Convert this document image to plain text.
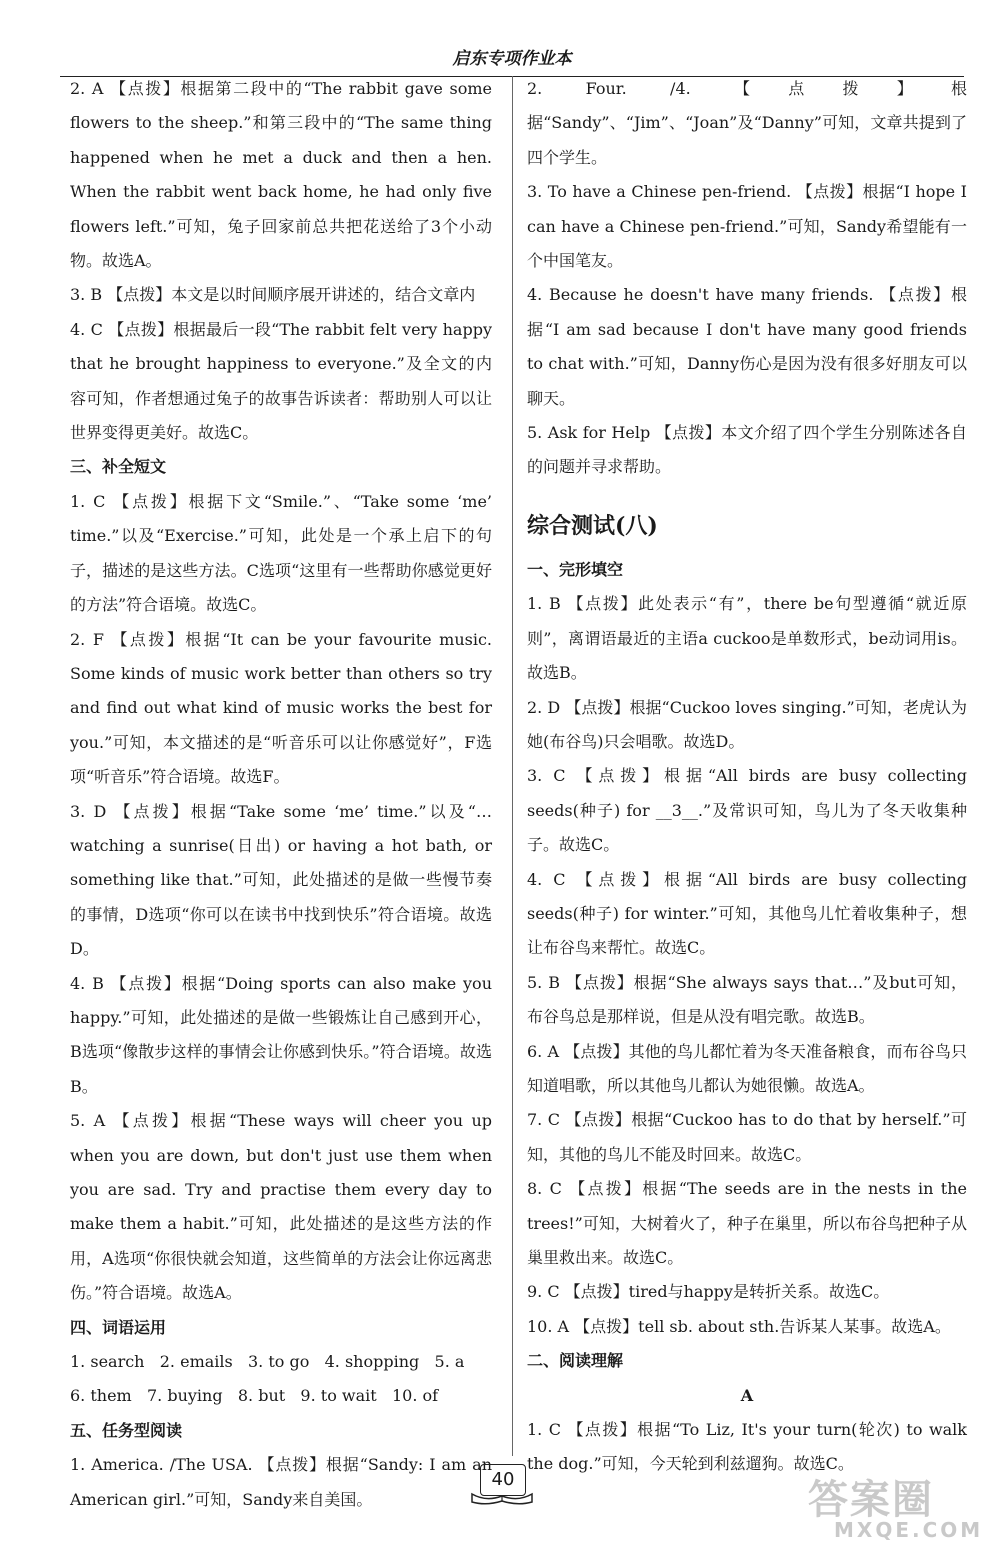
启东专项作业本

2. A 【点拨】根据第二段中的“The rabbit gave some flowers to the sheep.”和第三段中的“The same thing happened when he met a duck and then a hen. When the rabbit went back home, he had only five flowers left.”可知，兔子回家前总共把花送给了3个小动物。故选A。

3. B 【点拨】本文是以时间顺序展开讲述的，结合文章内

4. C 【点拨】根据最后一段“The rabbit felt very happy that he brought happiness to everyone.”及全文的内容可知，作者想通过兔子的故事告诉读者：帮助别人可以让世界变得更美好。故选C。

三、补全短文

1. C 【点拨】根据下文“Smile.”、“Take some ‘me’ time.”以及“Exercise.”可知，此处是一个承上启下的句子，描述的是这些方法。C选项“这里有一些帮助你感觉更好的方法”符合语境。故选C。

2. F 【点拨】根据“It can be your favourite music. Some kinds of music work better than others so try and find out what kind of music works the best for you.”可知，本文描述的是“听音乐可以让你感觉好”，F选项“听音乐”符合语境。故选F。

3. D 【点拨】根据“Take some ‘me’ time.”以及“… watching a sunrise(日出) or having a hot bath, or something like that.”可知，此处描述的是做一些慢节奏的事情，D选项“你可以在读书中找到快乐”符合语境。故选D。

4. B 【点拨】根据“Doing sports can also make you happy.”可知，此处描述的是做一些锻炼让自己感到开心，B选项“像散步这样的事情会让你感到快乐。”符合语境。故选B。

5. A 【点拨】根据“These ways will cheer you up when you are down, but don't just use them when you are sad. Try and practise them every day to make them a habit.”可知，此处描述的是这些方法的作用，A选项“你很快就会知道，这些简单的方法会让你远离悲伤。”符合语境。故选A。

四、词语运用

1. search   2. emails   3. to go   4. shopping   5. a

6. them   7. buying   8. but   9. to wait   10. of

五、任务型阅读

1. America. /The USA. 【点拨】根据“Sandy: I am an American girl.”可知，Sandy来自美国。

2. Four. /4. 【点拨】根据“Sandy”、“Jim”、“Joan”及“Danny”可知，文章共提到了四个学生。

3. To have a Chinese pen-friend. 【点拨】根据“I hope I can have a Chinese pen-friend.”可知，Sandy希望能有一个中国笔友。

4. Because he doesn't have many friends. 【点拨】根据“I am sad because I don't have many good friends to chat with.”可知，Danny伤心是因为没有很多好朋友可以聊天。

5. Ask for Help 【点拨】本文介绍了四个学生分别陈述各自的问题并寻求帮助。

综合测试(八)

一、完形填空

1. B 【点拨】此处表示“有”，there be句型遵循“就近原则”，离谓语最近的主语a cuckoo是单数形式，be动词用is。故选B。

2. D 【点拨】根据“Cuckoo loves singing.”可知，老虎认为她(布谷鸟)只会唱歌。故选D。

3. C 【点拨】根据“All birds are busy collecting seeds(种子) for __3__.”及常识可知，鸟儿为了冬天收集种子。故选C。

4. C 【点拨】根据“All birds are busy collecting seeds(种子) for winter.”可知，其他鸟儿忙着收集种子，想让布谷鸟来帮忙。故选C。

5. B 【点拨】根据“She always says that…”及but可知，布谷鸟总是那样说，但是从没有唱完歌。故选B。

6. A 【点拨】其他的鸟儿都忙着为冬天准备粮食，而布谷鸟只知道唱歌，所以其他鸟儿都认为她很懒。故选A。

7. C 【点拨】根据“Cuckoo has to do that by herself.”可知，其他的鸟儿不能及时回来。故选C。

8. C 【点拨】根据“The seeds are in the nests in the trees!”可知，大树着火了，种子在巢里，所以布谷鸟把种子从巢里救出来。故选C。

9. C 【点拨】tired与happy是转折关系。故选C。

10. A 【点拨】tell sb. about sth.告诉某人某事。故选A。

二、阅读理解

A

1. C 【点拨】根据“To Liz, It's your turn(轮次) to walk the dog.”可知，今天轮到利兹遛狗。故选C。

40	答案圈
MXQE.COM
